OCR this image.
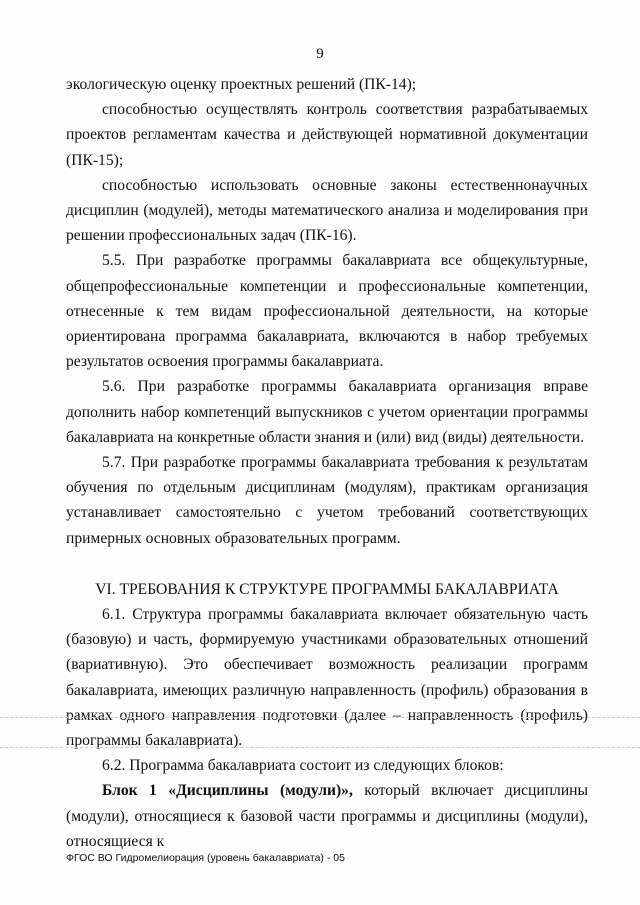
9

экологическую оценку проектных решений (ПК-14);

способностью осуществлять контроль соответствия разрабатываемых проектов регламентам качества и действующей нормативной документации (ПК-15);

способностью использовать основные законы естественнонаучных дисциплин (модулей), методы математического анализа и моделирования при решении профессиональных задач (ПК-16).

5.5. При разработке программы бакалавриата все общекультурные, общепрофессиональные компетенции и профессиональные компетенции, отнесенные к тем видам профессиональной деятельности, на которые ориентирована программа бакалавриата, включаются в набор требуемых результатов освоения программы бакалавриата.

5.6. При разработке программы бакалавриата организация вправе дополнить набор компетенций выпускников с учетом ориентации программы бакалавриата на конкретные области знания и (или) вид (виды) деятельности.

5.7. При разработке программы бакалавриата требования к результатам обучения по отдельным дисциплинам (модулям), практикам организация устанавливает самостоятельно с учетом требований соответствующих примерных основных образовательных программ.

VI. ТРЕБОВАНИЯ К СТРУКТУРЕ ПРОГРАММЫ БАКАЛАВРИАТА

6.1. Структура программы бакалавриата включает обязательную часть (базовую) и часть, формируемую участниками образовательных отношений (вариативную). Это обеспечивает возможность реализации программ бакалавриата, имеющих различную направленность (профиль) образования в рамках одного направления подготовки (далее – направленность (профиль) программы бакалавриата).

6.2. Программа бакалавриата состоит из следующих блоков:

Блок 1 «Дисциплины (модули)», который включает дисциплины (модули), относящиеся к базовой части программы и дисциплины (модули), относящиеся к

ФГОС ВО Гидромелиорация (уровень бакалавриата) - 05
